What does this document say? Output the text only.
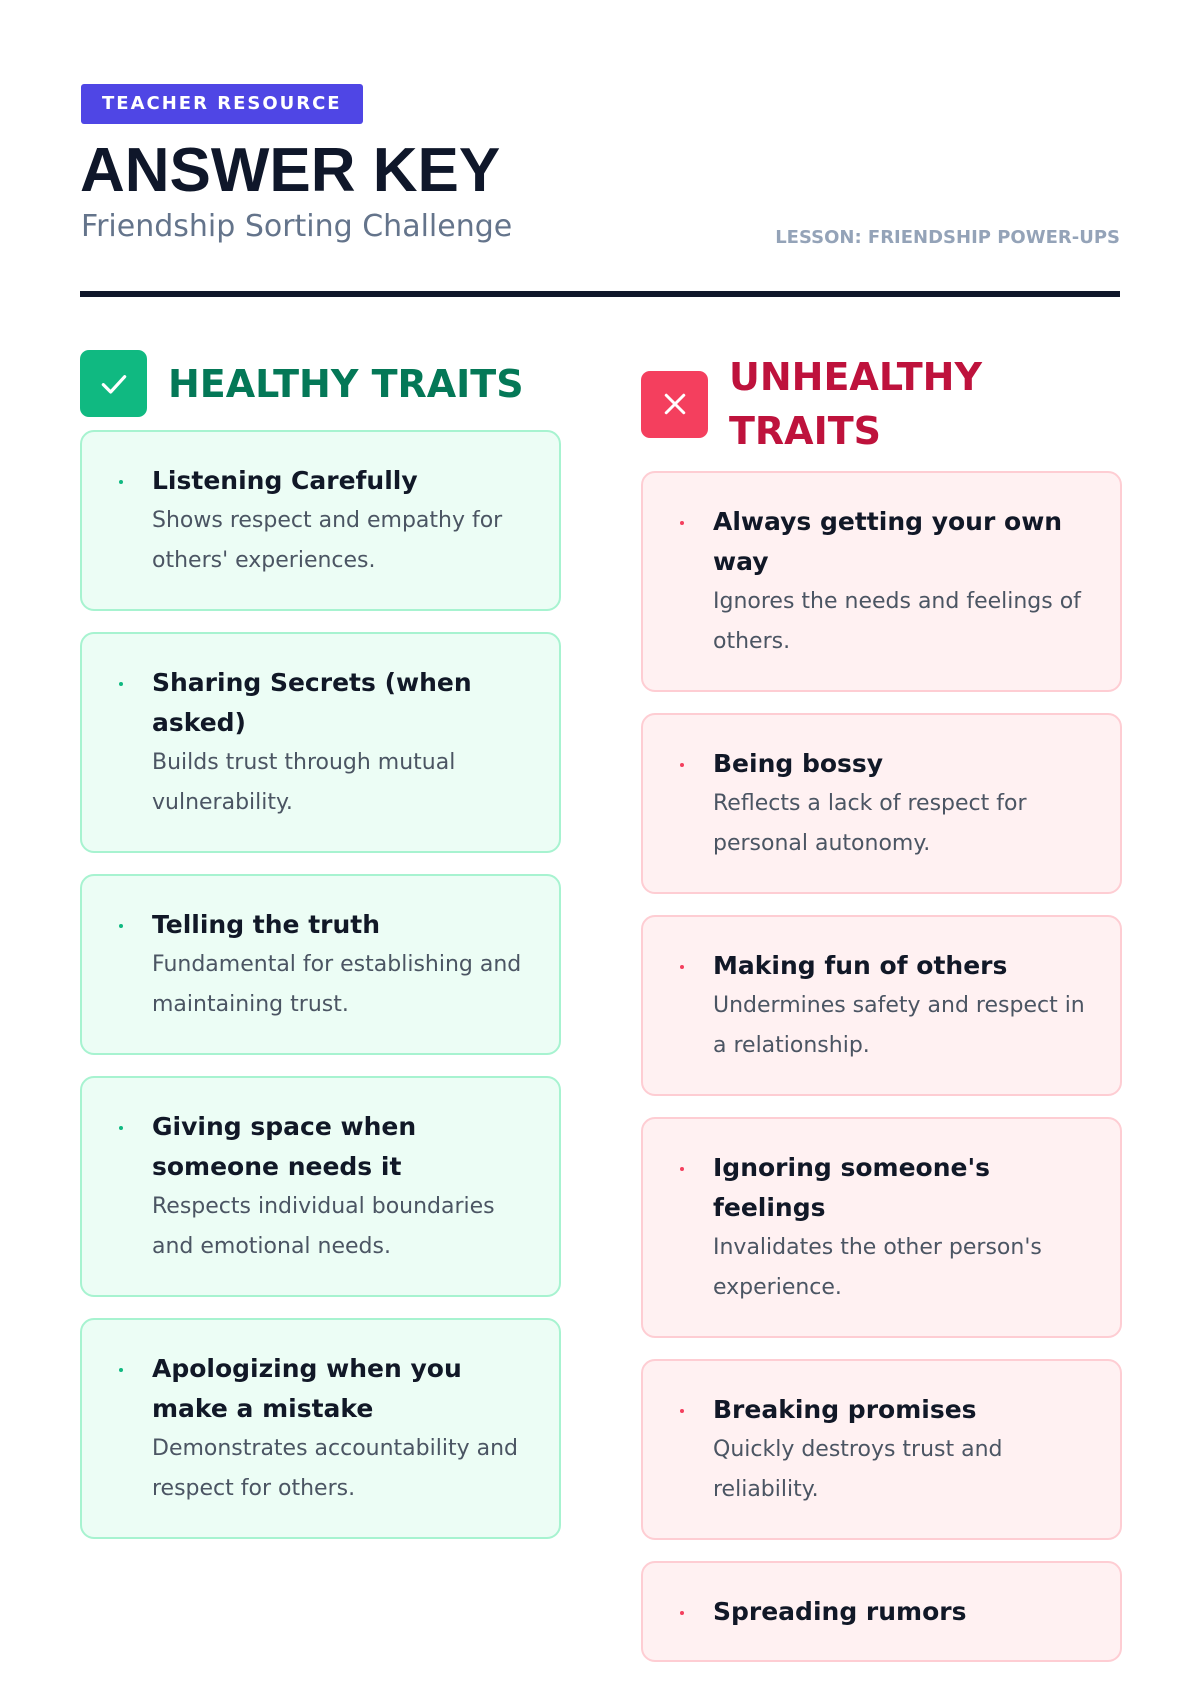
TEACHER RESOURCE
ANSWER KEY
Friendship Sorting Challenge	LESSON: FRIENDSHIP POWER-UPS
HEALTHY TRAITS
Listening Carefully
Shows respect and empathy for others' experiences.
Sharing Secrets (when asked)
Builds trust through mutual vulnerability.
Telling the truth
Fundamental for establishing and maintaining trust.
Giving space when someone needs it
Respects individual boundaries and emotional needs.
Apologizing when you make a mistake
Demonstrates accountability and respect for others.
UNHEALTHY TRAITS
Always getting your own way
Ignores the needs and feelings of others.
Being bossy
Reflects a lack of respect for personal autonomy.
Making fun of others
Undermines safety and respect in a relationship.
Ignoring someone's feelings
Invalidates the other person's experience.
Breaking promises
Quickly destroys trust and reliability.
Spreading rumors
